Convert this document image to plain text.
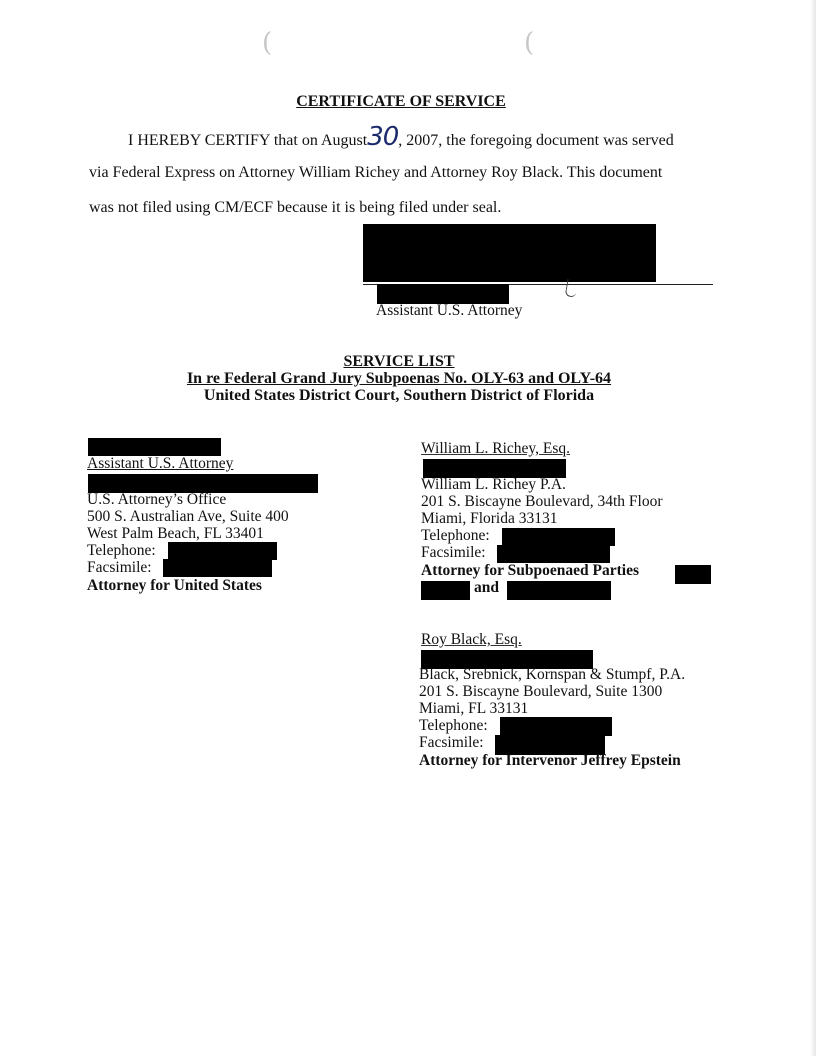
(	(
CERTIFICATE OF SERVICE
I HEREBY CERTIFY that on August30, 2007, the foregoing document was served
via Federal Express on Attorney William Richey and Attorney Roy Black. This document
was not filed using CM/ECF because it is being filed under seal.
Assistant U.S. Attorney
SERVICE LIST
In re Federal Grand Jury Subpoenas No. OLY-63 and OLY-64
United States District Court, Southern District of Florida
Assistant U.S. Attorney
U.S. Attorney’s Office
500 S. Australian Ave, Suite 400
West Palm Beach, FL 33401
Telephone:
Facsimile:
Attorney for United States
William L. Richey, Esq.
William L. Richey P.A.
201 S. Biscayne Boulevard, 34th Floor
Miami, Florida 33131
Telephone:
Facsimile:
Attorney for Subpoenaed Parties
and
Roy Black, Esq.
Black, Srebnick, Kornspan & Stumpf, P.A.
201 S. Biscayne Boulevard, Suite 1300
Miami, FL 33131
Telephone:
Facsimile:
Attorney for Intervenor Jeffrey Epstein
